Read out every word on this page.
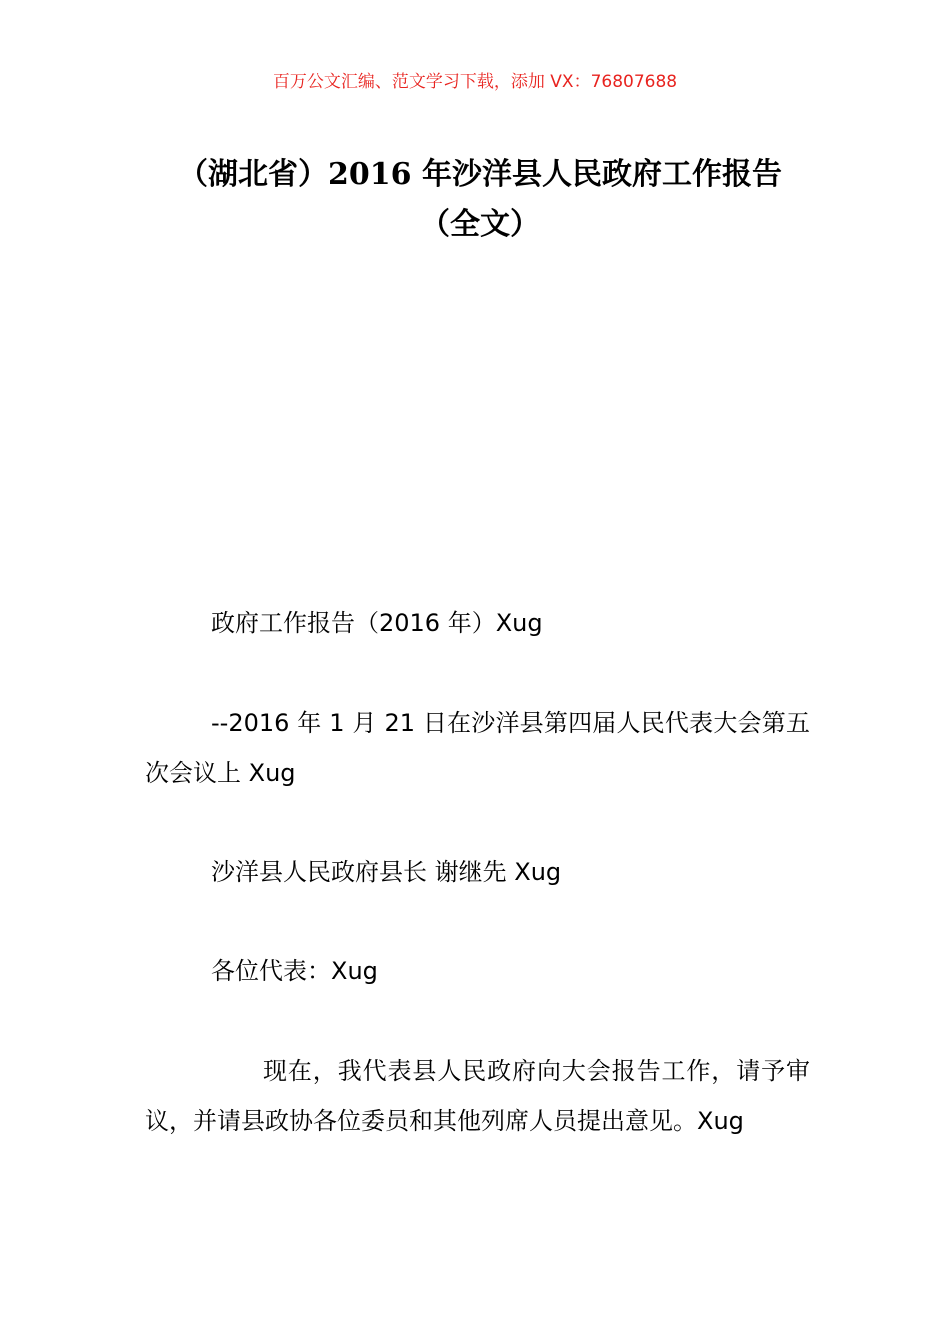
百万公文汇编、范文学习下载，添加 VX：76807688
（湖北省）2016 年沙洋县人民政府工作报告（全文）

政府工作报告（2016 年）Xug

--2016 年 1 月 21 日在沙洋县第四届人民代表大会第五次会议上 Xug

沙洋县人民政府县长 谢继先 Xug

各位代表：Xug

现在，我代表县人民政府向大会报告工作，请予审议，并请县政协各位委员和其他列席人员提出意见。Xug
